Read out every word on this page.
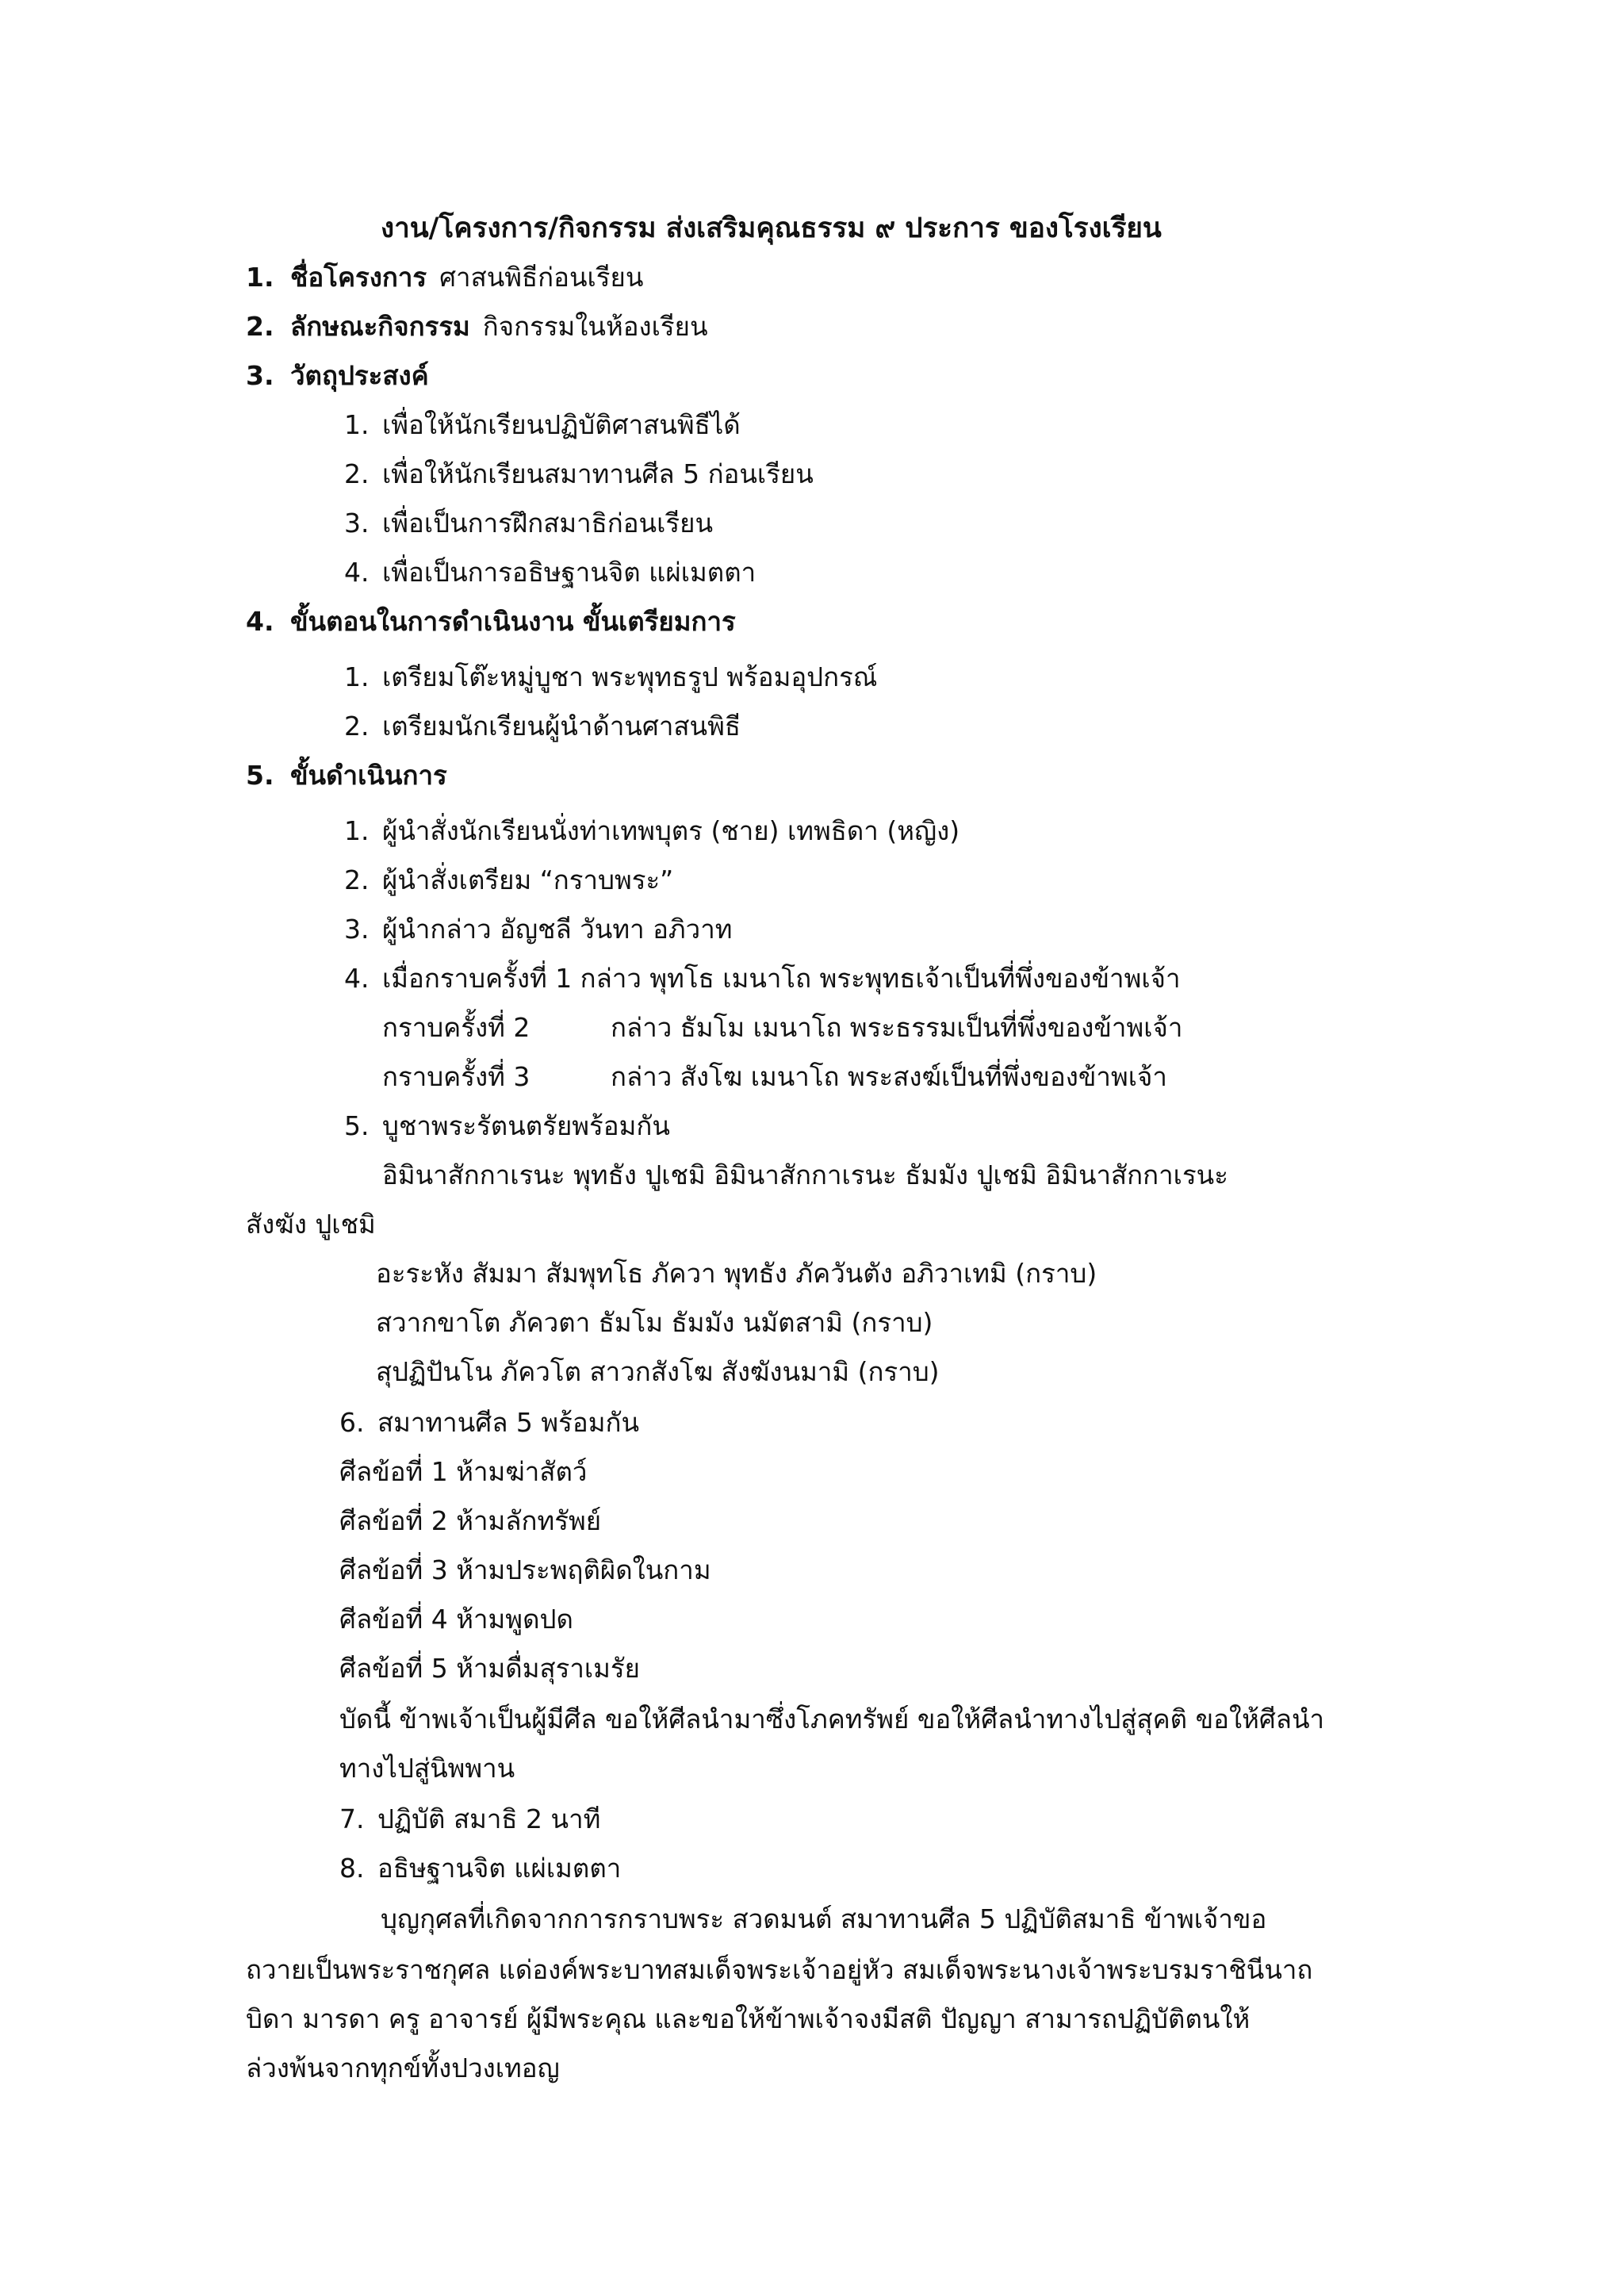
งาน/โครงการ/กิจกรรม ส่งเสริมคุณธรรม ๙ ประการ ของโรงเรียน
1. ชื่อโครงการ ศาสนพิธีก่อนเรียน
2. ลักษณะกิจกรรม กิจกรรมในห้องเรียน
3. วัตถุประสงค์
1. เพื่อให้นักเรียนปฏิบัติศาสนพิธีได้
2. เพื่อให้นักเรียนสมาทานศีล 5 ก่อนเรียน
3. เพื่อเป็นการฝึกสมาธิก่อนเรียน
4. เพื่อเป็นการอธิษฐานจิต แผ่เมตตา
4. ขั้นตอนในการดำเนินงาน ขั้นเตรียมการ
1. เตรียมโต๊ะหมู่บูชา พระพุทธรูป พร้อมอุปกรณ์
2. เตรียมนักเรียนผู้นำด้านศาสนพิธี
5. ขั้นดำเนินการ
1. ผู้นำสั่งนักเรียนนั่งท่าเทพบุตร (ชาย) เทพธิดา (หญิง)
2. ผู้นำสั่งเตรียม “กราบพระ”
3. ผู้นำกล่าว อัญชลี วันทา อภิวาท
4. เมื่อกราบครั้งที่ 1 กล่าว พุทโธ เมนาโถ พระพุทธเจ้าเป็นที่พึ่งของข้าพเจ้า
กราบครั้งที่ 2	กล่าว ธัมโม เมนาโถ พระธรรมเป็นที่พึ่งของข้าพเจ้า
กราบครั้งที่ 3	กล่าว สังโฆ เมนาโถ พระสงฆ์เป็นที่พึ่งของข้าพเจ้า
5. บูชาพระรัตนตรัยพร้อมกัน
อิมินาสักกาเรนะ พุทธัง ปูเชมิ อิมินาสักกาเรนะ ธัมมัง ปูเชมิ อิมินาสักกาเรนะ
สังฆัง ปูเชมิ
อะระหัง สัมมา สัมพุทโธ ภัควา พุทธัง ภัควันตัง อภิวาเทมิ (กราบ)
สวากขาโต ภัควตา ธัมโม ธัมมัง นมัตสามิ (กราบ)
สุปฏิปันโน ภัควโต สาวกสังโฆ สังฆังนมามิ (กราบ)
6. สมาทานศีล 5 พร้อมกัน
ศีลข้อที่ 1 ห้ามฆ่าสัตว์
ศีลข้อที่ 2 ห้ามลักทรัพย์
ศีลข้อที่ 3 ห้ามประพฤติผิดในกาม
ศีลข้อที่ 4 ห้ามพูดปด
ศีลข้อที่ 5 ห้ามดื่มสุราเมรัย
บัดนี้ ข้าพเจ้าเป็นผู้มีศีล ขอให้ศีลนำมาซึ่งโภคทรัพย์ ขอให้ศีลนำทางไปสู่สุคติ ขอให้ศีลนำ
ทางไปสู่นิพพาน
7. ปฏิบัติ สมาธิ 2 นาที
8. อธิษฐานจิต แผ่เมตตา
บุญกุศลที่เกิดจากการกราบพระ สวดมนต์ สมาทานศีล 5 ปฏิบัติสมาธิ ข้าพเจ้าขอ
ถวายเป็นพระราชกุศล แด่องค์พระบาทสมเด็จพระเจ้าอยู่หัว สมเด็จพระนางเจ้าพระบรมราชินีนาถ
บิดา มารดา ครู อาจารย์ ผู้มีพระคุณ และขอให้ข้าพเจ้าจงมีสติ ปัญญา สามารถปฏิบัติตนให้
ล่วงพ้นจากทุกข์ทั้งปวงเทอญ
